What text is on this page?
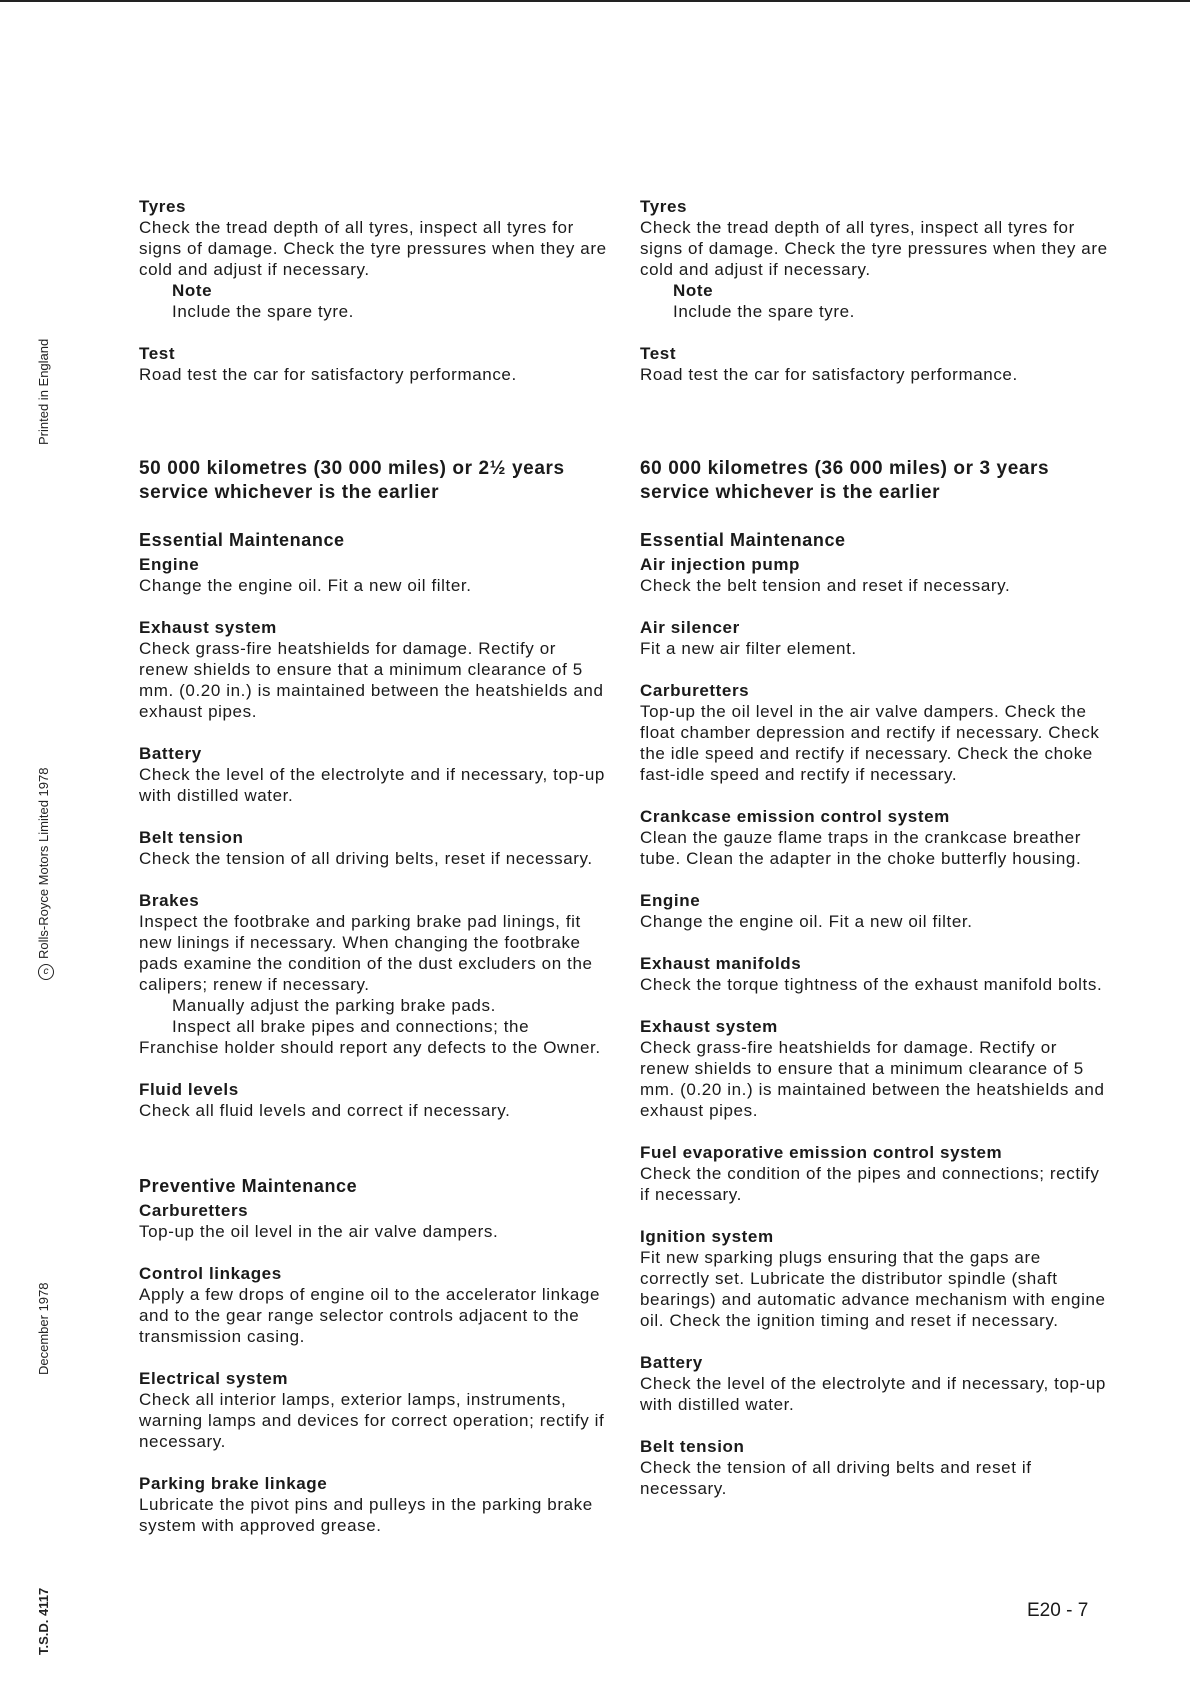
Printed in England
cRolls-Royce Motors Limited 1978
December 1978
T.S.D. 4117
Tyres

Check the tread depth of all tyres, inspect all tyres for signs of damage. Check the tyre pressures when they are cold and adjust if necessary.

Note
Include the spare tyre.
Test

Road test the car for satisfactory performance.

50 000 kilometres (30 000 miles) or 2½ years service whichever is the earlier
Essential Maintenance
Engine

Change the engine oil. Fit a new oil filter.

Exhaust system

Check grass-fire heatshields for damage. Rectify or renew shields to ensure that a minimum clearance of 5 mm. (0.20 in.) is maintained between the heatshields and exhaust pipes.

Battery

Check the level of the electrolyte and if necessary, top-up with distilled water.

Belt tension

Check the tension of all driving belts, reset if necessary.

Brakes

Inspect the footbrake and parking brake pad linings, fit new linings if necessary. When changing the footbrake pads examine the condition of the dust excluders on the calipers; renew if necessary.

Manually adjust the parking brake pads.

Inspect all brake pipes and connections; the Franchise holder should report any defects to the Owner.

Fluid levels

Check all fluid levels and correct if necessary.

Preventive Maintenance
Carburetters

Top-up the oil level in the air valve dampers.

Control linkages

Apply a few drops of engine oil to the accelerator linkage and to the gear range selector controls adjacent to the transmission casing.

Electrical system

Check all interior lamps, exterior lamps, instruments, warning lamps and devices for correct operation; rectify if necessary.

Parking brake linkage

Lubricate the pivot pins and pulleys in the parking brake system with approved grease.

Tyres

Check the tread depth of all tyres, inspect all tyres for signs of damage. Check the tyre pressures when they are cold and adjust if necessary.

Note
Include the spare tyre.
Test

Road test the car for satisfactory performance.

60 000 kilometres (36 000 miles) or 3 years service whichever is the earlier
Essential Maintenance
Air injection pump

Check the belt tension and reset if necessary.

Air silencer

Fit a new air filter element.

Carburetters

Top-up the oil level in the air valve dampers. Check the float chamber depression and rectify if necessary. Check the idle speed and rectify if necessary. Check the choke fast-idle speed and rectify if necessary.

Crankcase emission control system

Clean the gauze flame traps in the crankcase breather tube. Clean the adapter in the choke butterfly housing.

Engine

Change the engine oil. Fit a new oil filter.

Exhaust manifolds

Check the torque tightness of the exhaust manifold bolts.

Exhaust system

Check grass-fire heatshields for damage. Rectify or renew shields to ensure that a minimum clearance of 5 mm. (0.20 in.) is maintained between the heatshields and exhaust pipes.

Fuel evaporative emission control system

Check the condition of the pipes and connections; rectify if necessary.

Ignition system

Fit new sparking plugs ensuring that the gaps are correctly set. Lubricate the distributor spindle (shaft bearings) and automatic advance mechanism with engine oil. Check the ignition timing and reset if necessary.

Battery

Check the level of the electrolyte and if necessary, top-up with distilled water.

Belt tension

Check the tension of all driving belts and reset if necessary.

E20 - 7
